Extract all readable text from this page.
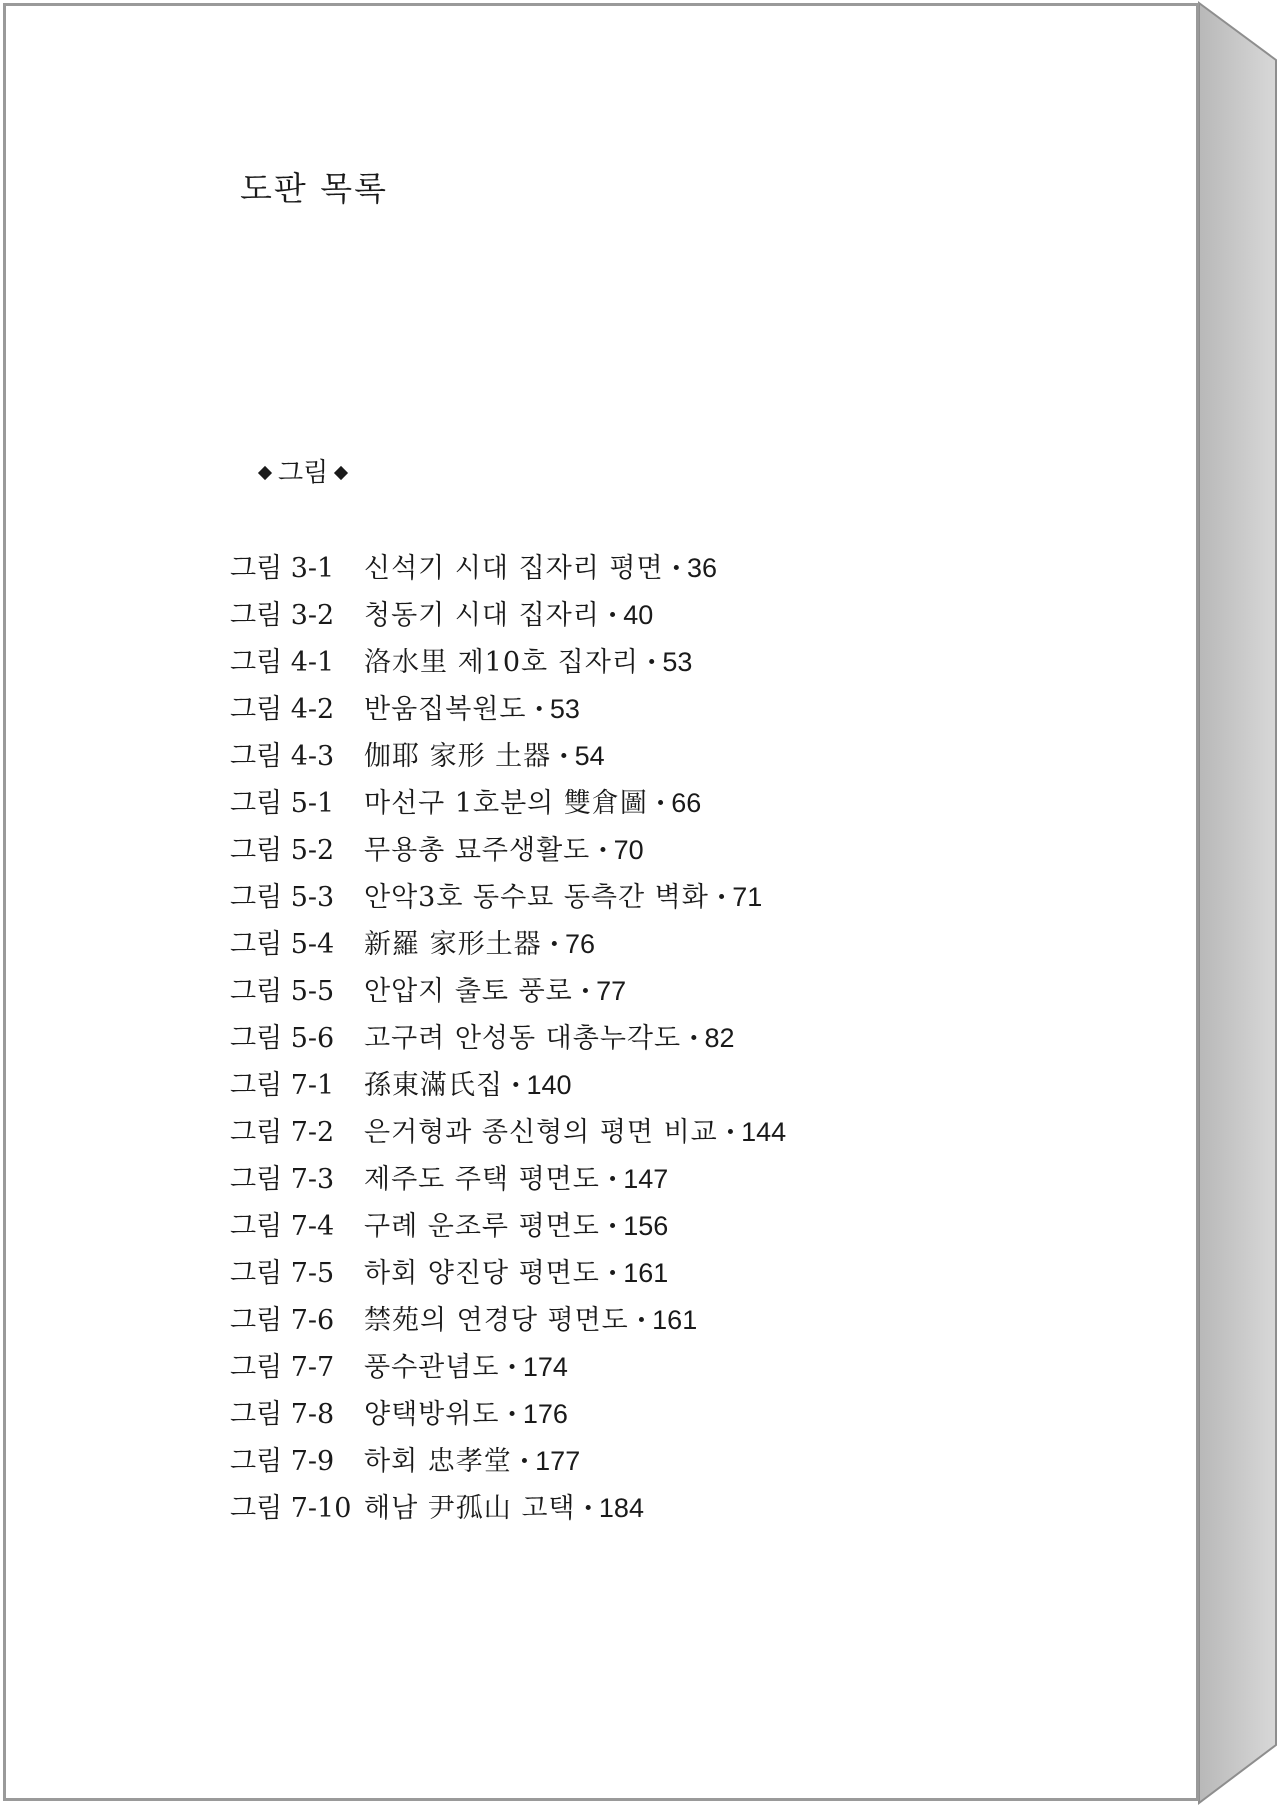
도판 목록
그림
그림 3-1	신석기 시대 집자리 평면 · 36
그림 3-2	청동기 시대 집자리 · 40
그림 4-1	洛水里 제10호 집자리 · 53
그림 4-2	반움집복원도 · 53
그림 4-3	伽耶 家形 土器 · 54
그림 5-1	마선구 1호분의 雙倉圖 · 66
그림 5-2	무용총 묘주생활도 · 70
그림 5-3	안악3호 동수묘 동측간 벽화 · 71
그림 5-4	新羅 家形土器 · 76
그림 5-5	안압지 출토 풍로 · 77
그림 5-6	고구려 안성동 대총누각도 · 82
그림 7-1	孫東滿氏집 · 140
그림 7-2	은거형과 종신형의 평면 비교 · 144
그림 7-3	제주도 주택 평면도 · 147
그림 7-4	구례 운조루 평면도 · 156
그림 7-5	하회 양진당 평면도 · 161
그림 7-6	禁苑의 연경당 평면도 · 161
그림 7-7	풍수관념도 · 174
그림 7-8	양택방위도 · 176
그림 7-9	하회 忠孝堂 · 177
그림 7-10 해남 尹孤山 고택 · 184
